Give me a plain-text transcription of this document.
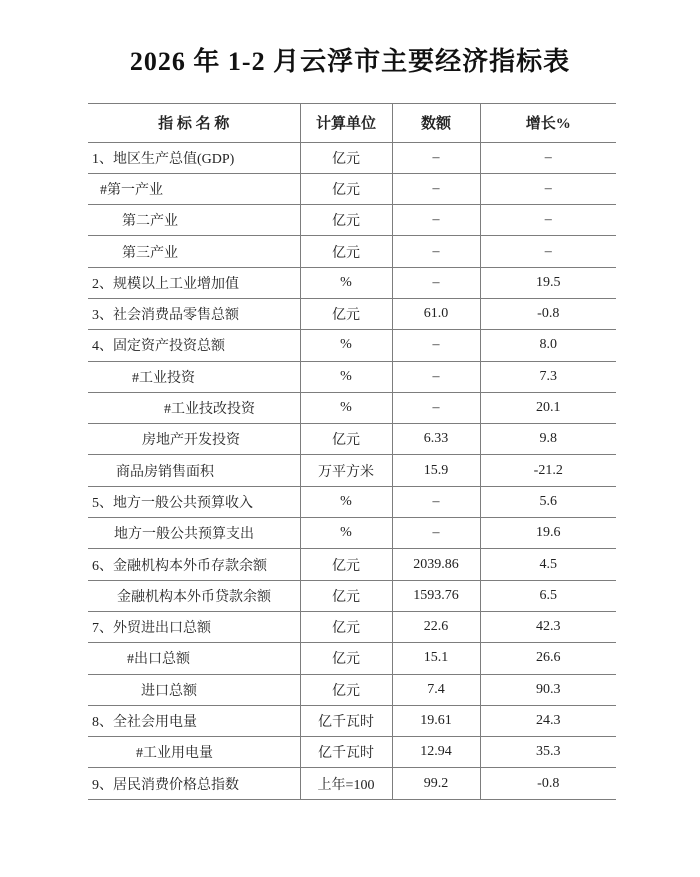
2026 年 1-2 月云浮市主要经济指标表
指 标 名 称	计算单位	数额	增长%
1、地区生产总值(GDP)	亿元	–	–
#第一产业	亿元	–	–
第二产业	亿元	–	–
第三产业	亿元	–	–
2、规模以上工业增加值	%	–	19.5
3、社会消费品零售总额	亿元	61.0	-0.8
4、固定资产投资总额	%	–	8.0
#工业投资	%	–	7.3
#工业技改投资	%	–	20.1
房地产开发投资	亿元	6.33	9.8
商品房销售面积	万平方米	15.9	-21.2
5、地方一般公共预算收入	%	–	5.6
地方一般公共预算支出	%	–	19.6
6、金融机构本外币存款余额	亿元	2039.86	4.5
金融机构本外币贷款余额	亿元	1593.76	6.5
7、外贸进出口总额	亿元	22.6	42.3
#出口总额	亿元	15.1	26.6
进口总额	亿元	7.4	90.3
8、全社会用电量	亿千瓦时	19.61	24.3
#工业用电量	亿千瓦时	12.94	35.3
9、居民消费价格总指数	上年=100	99.2	-0.8
